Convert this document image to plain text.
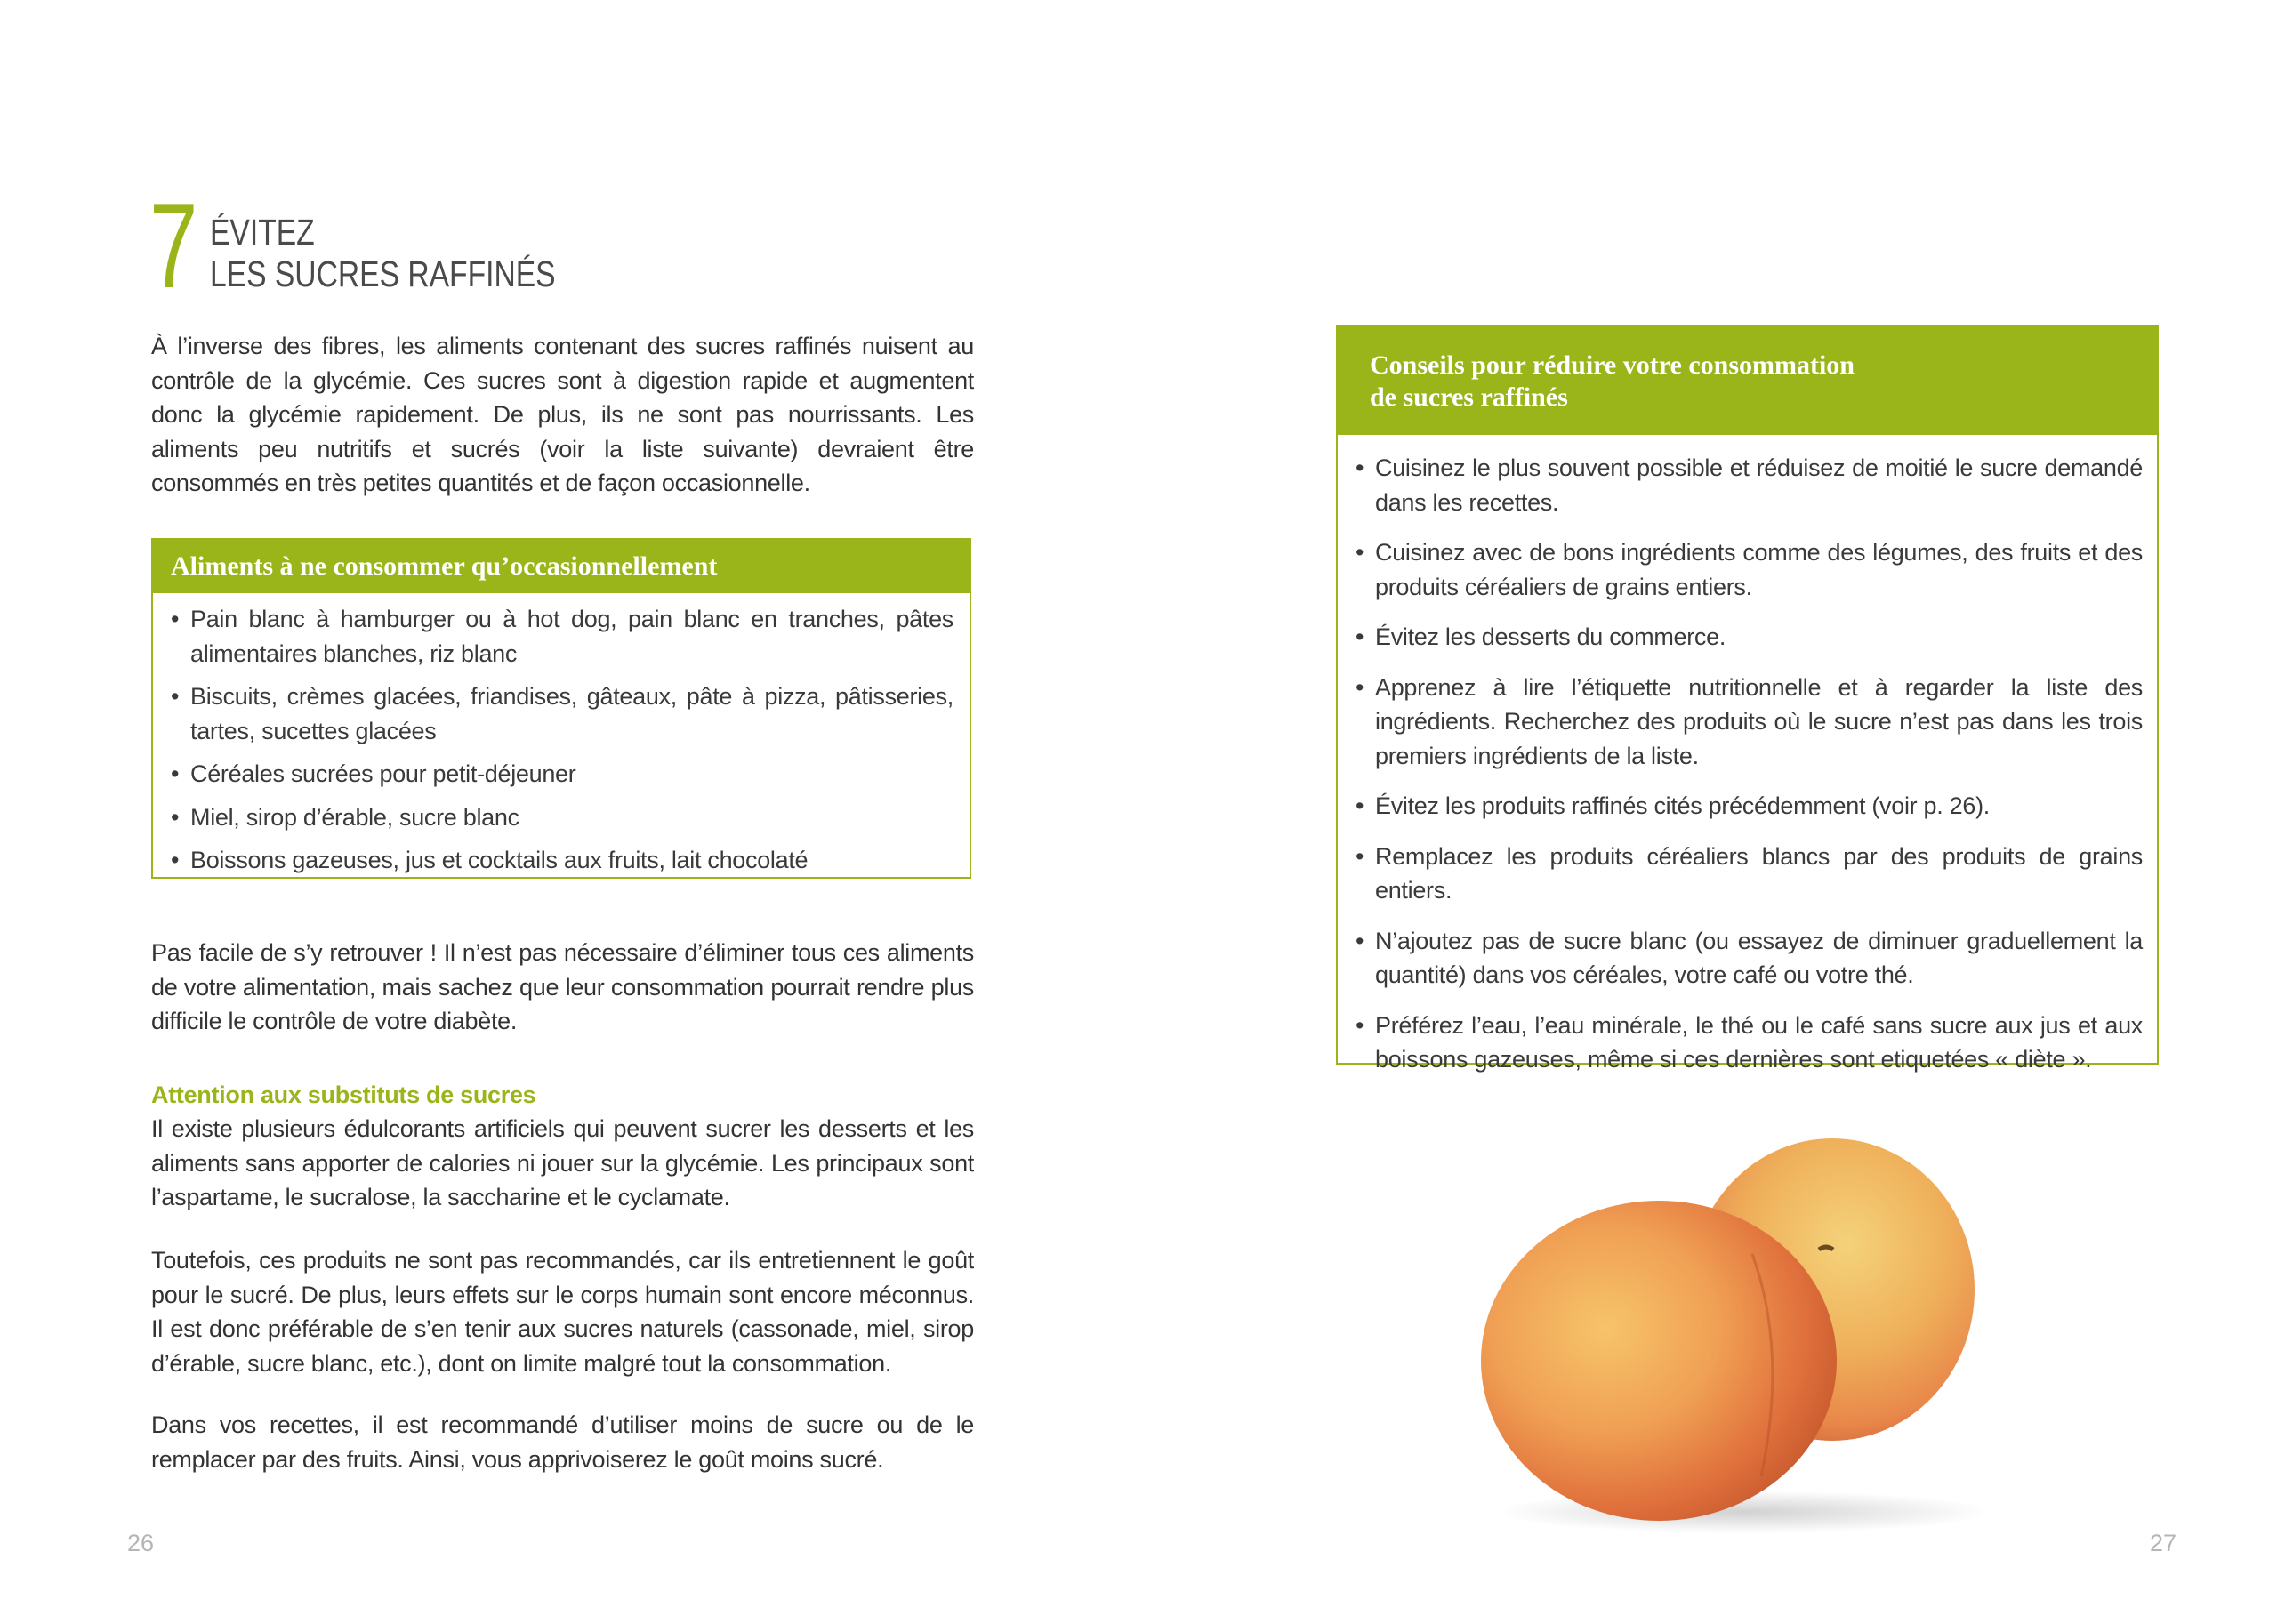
7 ÉVITEZ
LES SUCRES RAFFINÉS
À l’inverse des fibres, les aliments contenant des sucres raffinés nuisent au contrôle de la glycémie. Ces sucres sont à digestion rapide et augmentent donc la glycémie rapidement. De plus, ils ne sont pas nourrissants. Les aliments peu nutritifs et sucrés (voir la liste suivante) devraient être consommés en très petites quantités et de façon occasionnelle.
Aliments à ne consommer qu’occasionnellement
• Pain blanc à hamburger ou à hot dog, pain blanc en tranches, pâtes alimentaires blanches, riz blanc
• Biscuits, crèmes glacées, friandises, gâteaux, pâte à pizza, pâtisseries, tartes, sucettes glacées
• Céréales sucrées pour petit-déjeuner
• Miel, sirop d’érable, sucre blanc
• Boissons gazeuses, jus et cocktails aux fruits, lait chocolaté
Pas facile de s’y retrouver ! Il n’est pas nécessaire d’éliminer tous ces aliments de votre alimentation, mais sachez que leur consommation pourrait rendre plus difficile le contrôle de votre diabète.
Attention aux substituts de sucres
Il existe plusieurs édulcorants artificiels qui peuvent sucrer les desserts et les aliments sans apporter de calories ni jouer sur la glycémie. Les principaux sont l’aspartame, le sucralose, la saccharine et le cyclamate.
Toutefois, ces produits ne sont pas recommandés, car ils entretiennent le goût pour le sucré. De plus, leurs effets sur le corps humain sont encore méconnus. Il est donc préférable de s’en tenir aux sucres naturels (cassonade, miel, sirop d’érable, sucre blanc, etc.), dont on limite malgré tout la consommation.
Dans vos recettes, il est recommandé d’utiliser moins de sucre ou de le remplacer par des fruits. Ainsi, vous apprivoiserez le goût moins sucré.
26
Conseils pour réduire votre consommation
de sucres raffinés
• Cuisinez le plus souvent possible et réduisez de moitié le sucre demandé dans les recettes.
• Cuisinez avec de bons ingrédients comme des légumes, des fruits et des produits céréaliers de grains entiers.
• Évitez les desserts du commerce.
• Apprenez à lire l’étiquette nutritionnelle et à regarder la liste des ingrédients. Recherchez des produits où le sucre n’est pas dans les trois premiers ingrédients de la liste.
• Évitez les produits raffinés cités précédemment (voir p. 26).
• Remplacez les produits céréaliers blancs par des produits de grains entiers.
• N’ajoutez pas de sucre blanc (ou essayez de diminuer graduellement la quantité) dans vos céréales, votre café ou votre thé.
• Préférez l’eau, l’eau minérale, le thé ou le café sans sucre aux jus et aux boissons gazeuses, même si ces dernières sont etiquetées « diète ».
27
